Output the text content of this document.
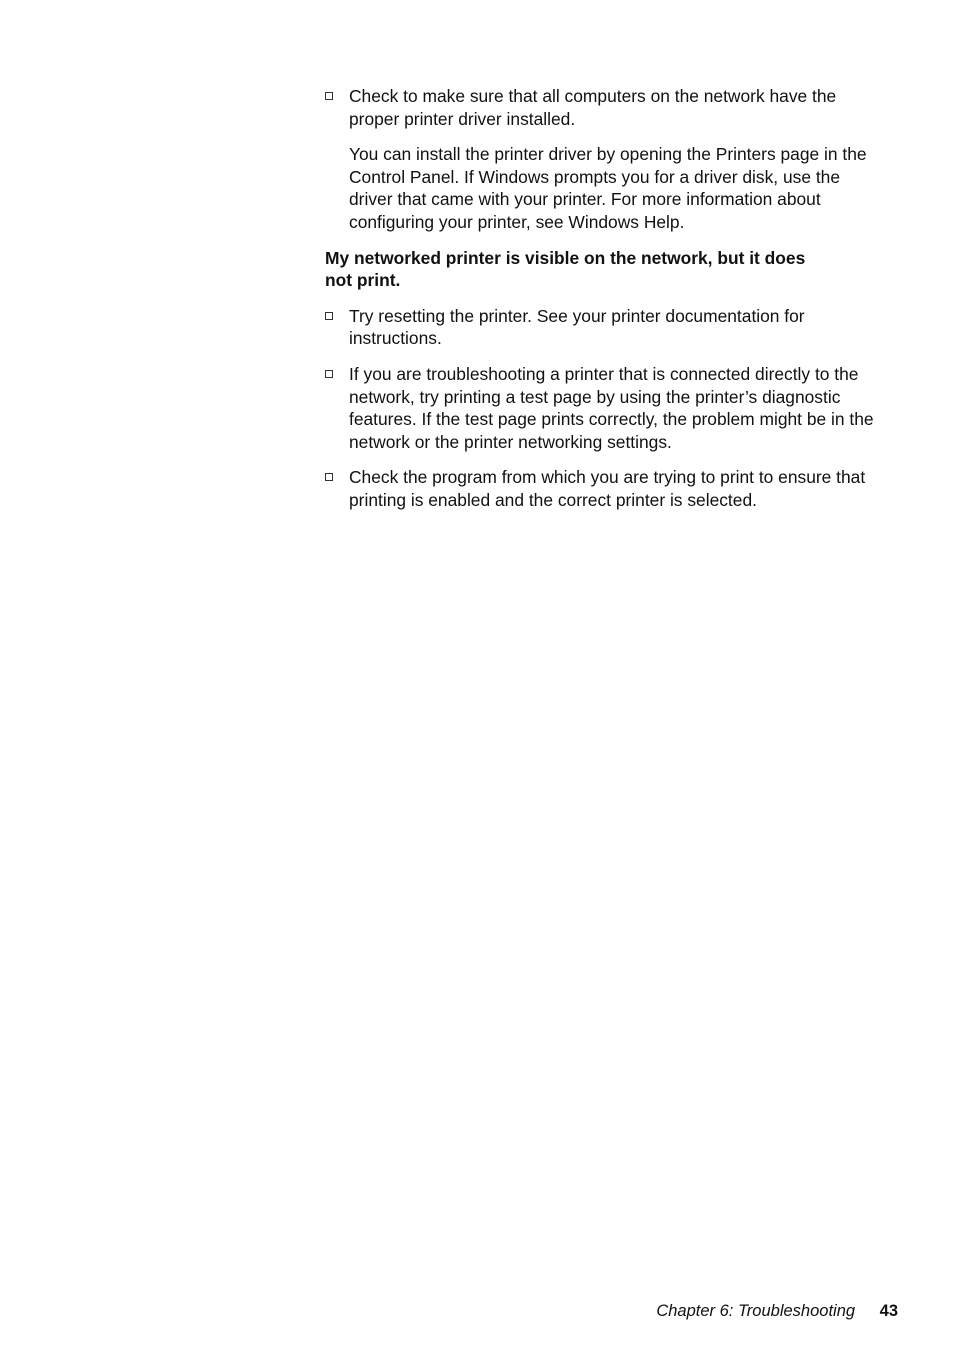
Check to make sure that all computers on the network have the proper printer driver installed.

You can install the printer driver by opening the Printers page in the Control Panel. If Windows prompts you for a driver disk, use the driver that came with your printer. For more information about configuring your printer, see Windows Help.

My networked printer is visible on the network, but it does not print.

Try resetting the printer. See your printer documentation for instructions.
If you are troubleshooting a printer that is connected directly to the network, try printing a test page by using the printer’s diagnostic features. If the test page prints correctly, the problem might be in the network or the printer networking settings.
Check the program from which you are trying to print to ensure that printing is enabled and the correct printer is selected.
Chapter 6: Troubleshooting 43
